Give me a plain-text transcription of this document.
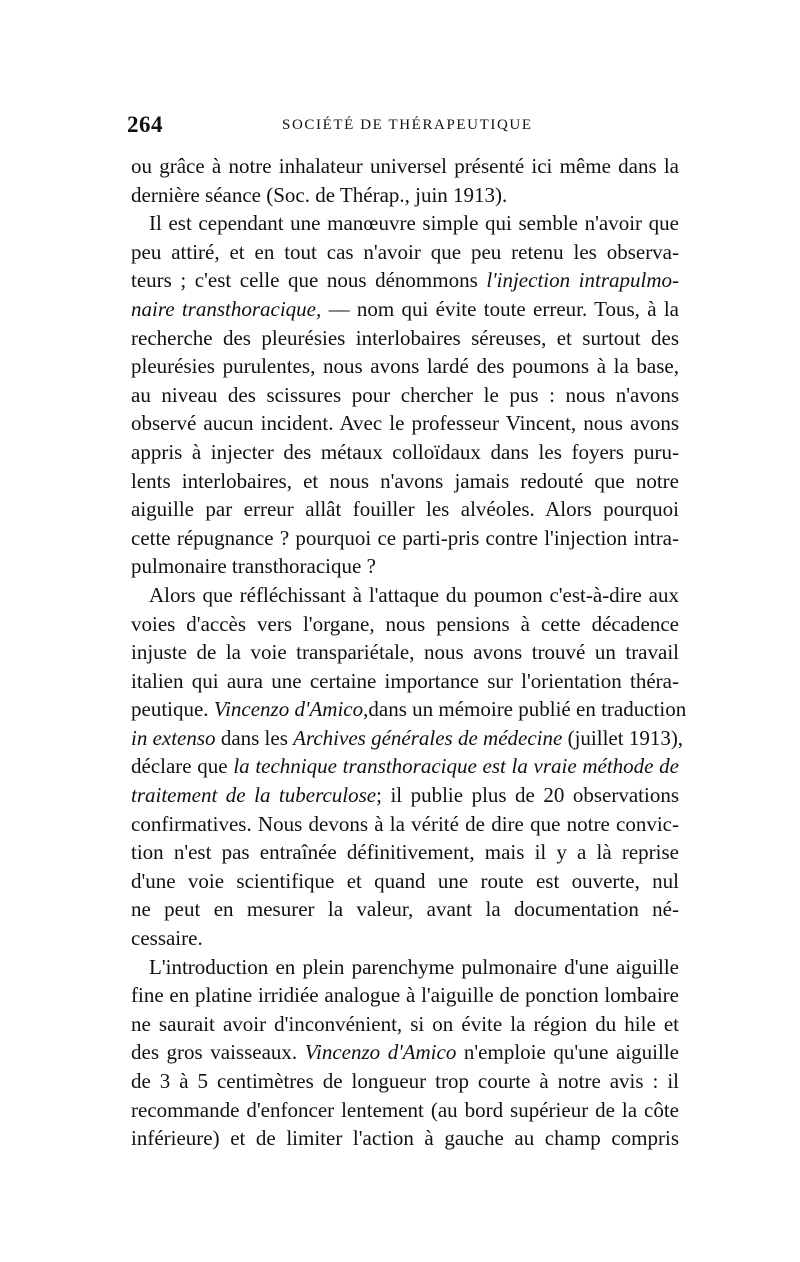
264	SOCIÉTÉ DE THÉRAPEUTIQUE
ou grâce à notre inhalateur universel présenté ici même dans la
dernière séance (Soc. de Thérap., juin 1913).
Il est cependant une manœuvre simple qui semble n'avoir que
peu attiré, et en tout cas n'avoir que peu retenu les observa-
teurs ; c'est celle que nous dénommons l'injection intrapulmo-
naire transthoracique, — nom qui évite toute erreur. Tous, à la
recherche des pleurésies interlobaires séreuses, et surtout des
pleurésies purulentes, nous avons lardé des poumons à la base,
au niveau des scissures pour chercher le pus : nous n'avons
observé aucun incident. Avec le professeur Vincent, nous avons
appris à injecter des métaux colloïdaux dans les foyers puru-
lents interlobaires, et nous n'avons jamais redouté que notre
aiguille par erreur allât fouiller les alvéoles. Alors pourquoi
cette répugnance ? pourquoi ce parti-pris contre l'injection intra-
pulmonaire transthoracique ?
Alors que réfléchissant à l'attaque du poumon c'est-à-dire aux
voies d'accès vers l'organe, nous pensions à cette décadence
injuste de la voie transpariétale, nous avons trouvé un travail
italien qui aura une certaine importance sur l'orientation théra-
peutique. Vincenzo d'Amico,dans un mémoire publié en traduction
in extenso dans les Archives générales de médecine (juillet 1913),
déclare que la technique transthoracique est la vraie méthode de
traitement de la tuberculose; il publie plus de 20 observations
confirmatives. Nous devons à la vérité de dire que notre convic-
tion n'est pas entraînée définitivement, mais il y a là reprise
d'une voie scientifique et quand une route est ouverte, nul
ne peut en mesurer la valeur, avant la documentation né-
cessaire.
L'introduction en plein parenchyme pulmonaire d'une aiguille
fine en platine irridiée analogue à l'aiguille de ponction lombaire
ne saurait avoir d'inconvénient, si on évite la région du hile et
des gros vaisseaux. Vincenzo d'Amico n'emploie qu'une aiguille
de 3 à 5 centimètres de longueur trop courte à notre avis : il
recommande d'enfoncer lentement (au bord supérieur de la côte
inférieure) et de limiter l'action à gauche au champ compris
